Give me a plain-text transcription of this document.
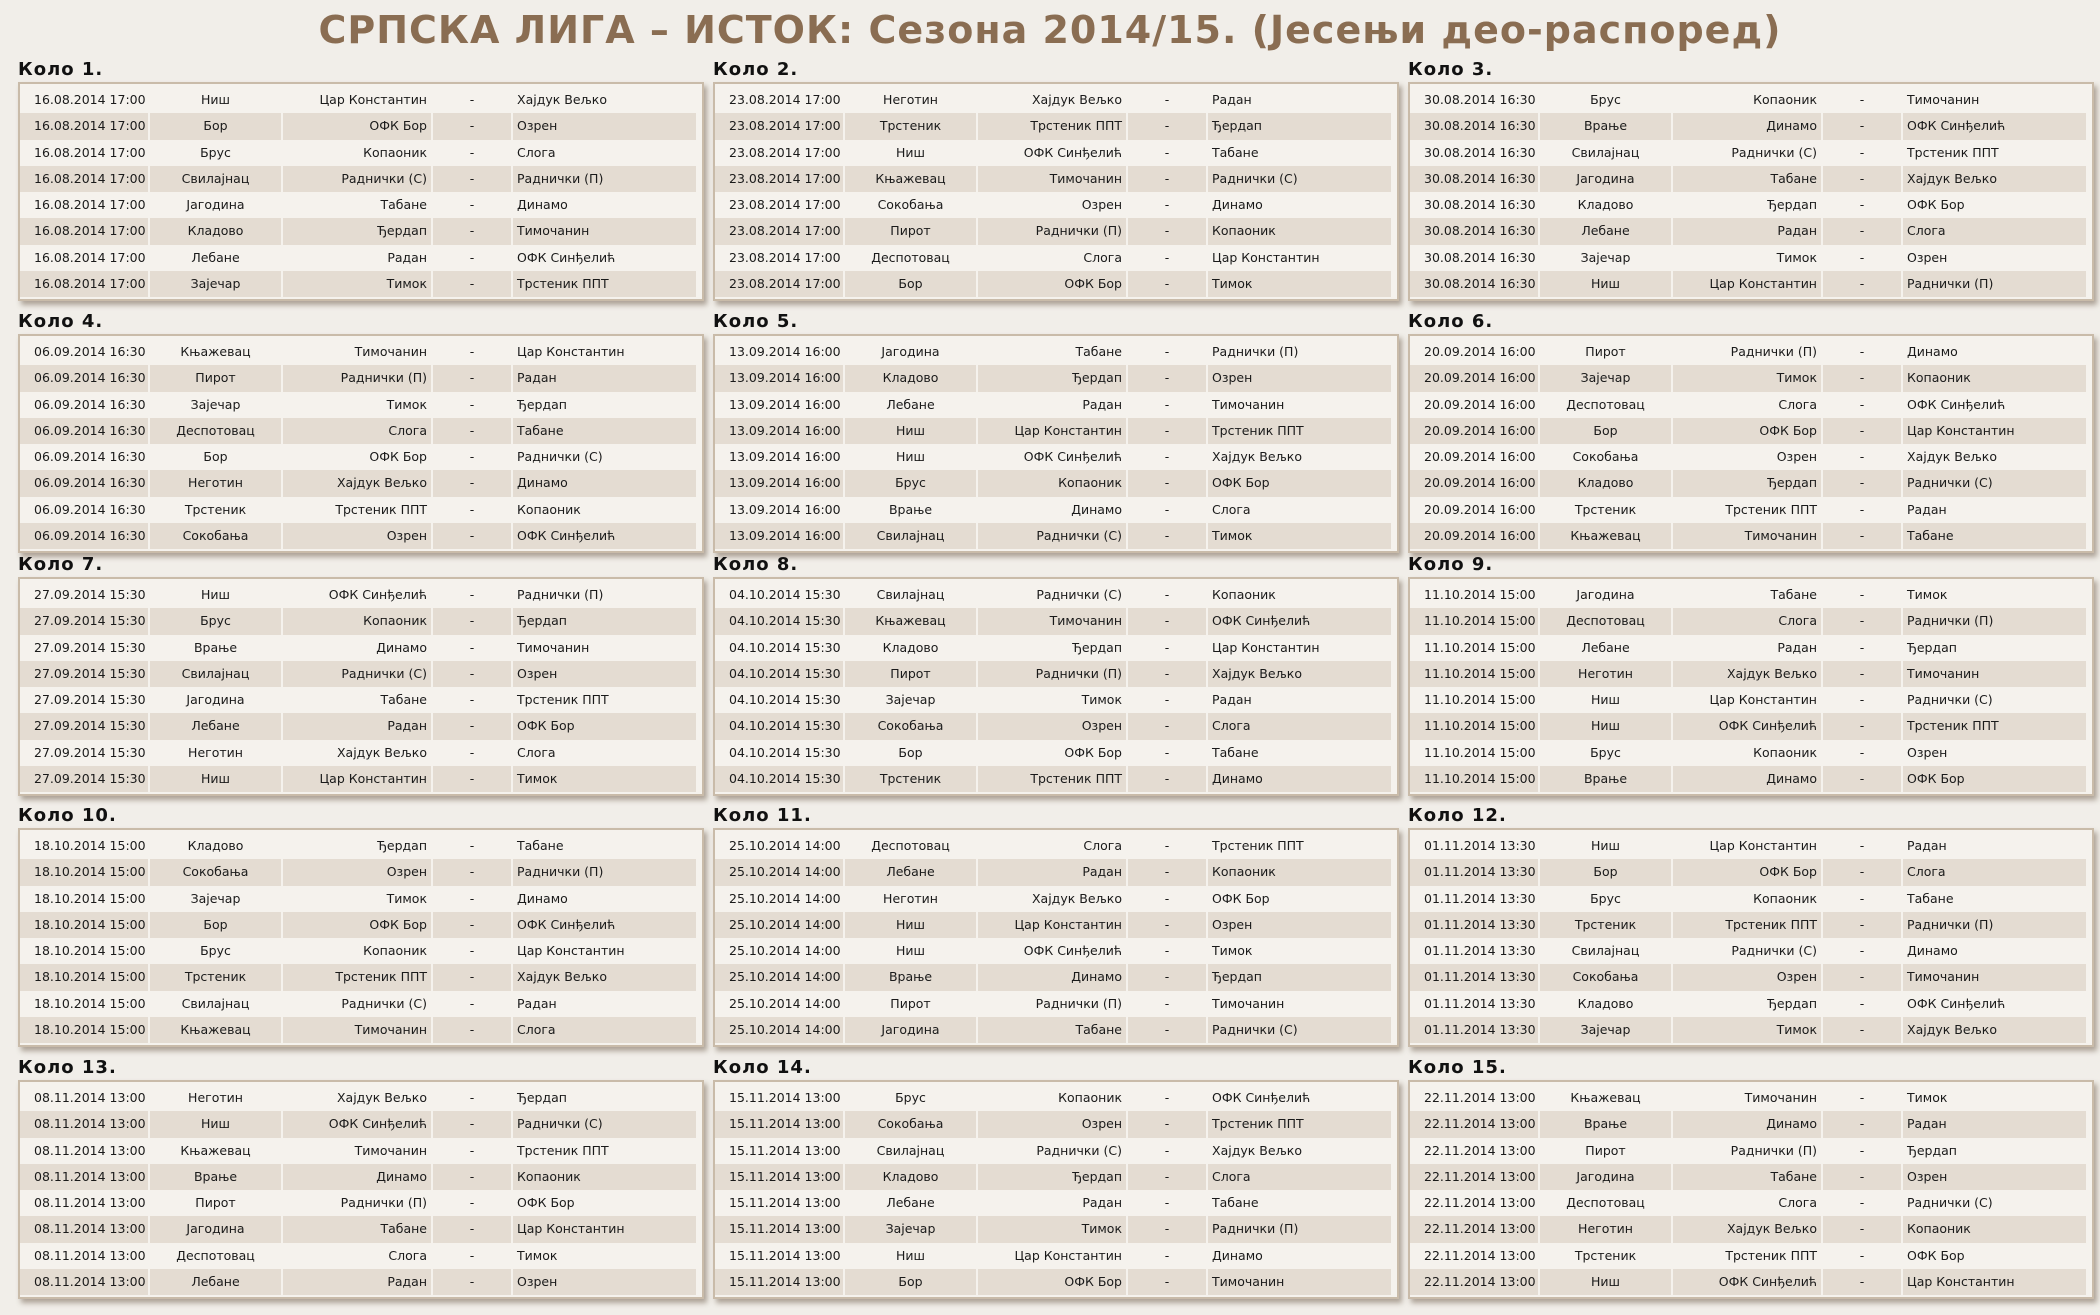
СРПСКА ЛИГА – ИСТОК: Сезона 2014/15. (Јесењи део-распоред)
Коло 1.
16.08.2014 17:00	Ниш	Цар Константин	-	Хајдук Вељко
16.08.2014 17:00	Бор	ОФК Бор	-	Озрен
16.08.2014 17:00	Брус	Копаоник	-	Слога
16.08.2014 17:00	Свилајнац	Раднички (С)	-	Раднички (П)
16.08.2014 17:00	Јагодина	Табане	-	Динамо
16.08.2014 17:00	Кладово	Ђердап	-	Тимочанин
16.08.2014 17:00	Лебане	Радан	-	ОФК Синђелић
16.08.2014 17:00	Зајечар	Тимок	-	Трстеник ППТ
Коло 2.
23.08.2014 17:00	Неготин	Хајдук Вељко	-	Радан
23.08.2014 17:00	Трстеник	Трстеник ППТ	-	Ђердап
23.08.2014 17:00	Ниш	ОФК Синђелић	-	Табане
23.08.2014 17:00	Књажевац	Тимочанин	-	Раднички (С)
23.08.2014 17:00	Сокобања	Озрен	-	Динамо
23.08.2014 17:00	Пирот	Раднички (П)	-	Копаоник
23.08.2014 17:00	Деспотовац	Слога	-	Цар Константин
23.08.2014 17:00	Бор	ОФК Бор	-	Тимок
Коло 3.
30.08.2014 16:30	Брус	Копаоник	-	Тимочанин
30.08.2014 16:30	Врање	Динамо	-	ОФК Синђелић
30.08.2014 16:30	Свилајнац	Раднички (С)	-	Трстеник ППТ
30.08.2014 16:30	Јагодина	Табане	-	Хајдук Вељко
30.08.2014 16:30	Кладово	Ђердап	-	ОФК Бор
30.08.2014 16:30	Лебане	Радан	-	Слога
30.08.2014 16:30	Зајечар	Тимок	-	Озрен
30.08.2014 16:30	Ниш	Цар Константин	-	Раднички (П)
Коло 4.
06.09.2014 16:30	Књажевац	Тимочанин	-	Цар Константин
06.09.2014 16:30	Пирот	Раднички (П)	-	Радан
06.09.2014 16:30	Зајечар	Тимок	-	Ђердап
06.09.2014 16:30	Деспотовац	Слога	-	Табане
06.09.2014 16:30	Бор	ОФК Бор	-	Раднички (С)
06.09.2014 16:30	Неготин	Хајдук Вељко	-	Динамо
06.09.2014 16:30	Трстеник	Трстеник ППТ	-	Копаоник
06.09.2014 16:30	Сокобања	Озрен	-	ОФК Синђелић
Коло 5.
13.09.2014 16:00	Јагодина	Табане	-	Раднички (П)
13.09.2014 16:00	Кладово	Ђердап	-	Озрен
13.09.2014 16:00	Лебане	Радан	-	Тимочанин
13.09.2014 16:00	Ниш	Цар Константин	-	Трстеник ППТ
13.09.2014 16:00	Ниш	ОФК Синђелић	-	Хајдук Вељко
13.09.2014 16:00	Брус	Копаоник	-	ОФК Бор
13.09.2014 16:00	Врање	Динамо	-	Слога
13.09.2014 16:00	Свилајнац	Раднички (С)	-	Тимок
Коло 6.
20.09.2014 16:00	Пирот	Раднички (П)	-	Динамо
20.09.2014 16:00	Зајечар	Тимок	-	Копаоник
20.09.2014 16:00	Деспотовац	Слога	-	ОФК Синђелић
20.09.2014 16:00	Бор	ОФК Бор	-	Цар Константин
20.09.2014 16:00	Сокобања	Озрен	-	Хајдук Вељко
20.09.2014 16:00	Кладово	Ђердап	-	Раднички (С)
20.09.2014 16:00	Трстеник	Трстеник ППТ	-	Радан
20.09.2014 16:00	Књажевац	Тимочанин	-	Табане
Коло 7.
27.09.2014 15:30	Ниш	ОФК Синђелић	-	Раднички (П)
27.09.2014 15:30	Брус	Копаоник	-	Ђердап
27.09.2014 15:30	Врање	Динамо	-	Тимочанин
27.09.2014 15:30	Свилајнац	Раднички (С)	-	Озрен
27.09.2014 15:30	Јагодина	Табане	-	Трстеник ППТ
27.09.2014 15:30	Лебане	Радан	-	ОФК Бор
27.09.2014 15:30	Неготин	Хајдук Вељко	-	Слога
27.09.2014 15:30	Ниш	Цар Константин	-	Тимок
Коло 8.
04.10.2014 15:30	Свилајнац	Раднички (С)	-	Копаоник
04.10.2014 15:30	Књажевац	Тимочанин	-	ОФК Синђелић
04.10.2014 15:30	Кладово	Ђердап	-	Цар Константин
04.10.2014 15:30	Пирот	Раднички (П)	-	Хајдук Вељко
04.10.2014 15:30	Зајечар	Тимок	-	Радан
04.10.2014 15:30	Сокобања	Озрен	-	Слога
04.10.2014 15:30	Бор	ОФК Бор	-	Табане
04.10.2014 15:30	Трстеник	Трстеник ППТ	-	Динамо
Коло 9.
11.10.2014 15:00	Јагодина	Табане	-	Тимок
11.10.2014 15:00	Деспотовац	Слога	-	Раднички (П)
11.10.2014 15:00	Лебане	Радан	-	Ђердап
11.10.2014 15:00	Неготин	Хајдук Вељко	-	Тимочанин
11.10.2014 15:00	Ниш	Цар Константин	-	Раднички (С)
11.10.2014 15:00	Ниш	ОФК Синђелић	-	Трстеник ППТ
11.10.2014 15:00	Брус	Копаоник	-	Озрен
11.10.2014 15:00	Врање	Динамо	-	ОФК Бор
Коло 10.
18.10.2014 15:00	Кладово	Ђердап	-	Табане
18.10.2014 15:00	Сокобања	Озрен	-	Раднички (П)
18.10.2014 15:00	Зајечар	Тимок	-	Динамо
18.10.2014 15:00	Бор	ОФК Бор	-	ОФК Синђелић
18.10.2014 15:00	Брус	Копаоник	-	Цар Константин
18.10.2014 15:00	Трстеник	Трстеник ППТ	-	Хајдук Вељко
18.10.2014 15:00	Свилајнац	Раднички (С)	-	Радан
18.10.2014 15:00	Књажевац	Тимочанин	-	Слога
Коло 11.
25.10.2014 14:00	Деспотовац	Слога	-	Трстеник ППТ
25.10.2014 14:00	Лебане	Радан	-	Копаоник
25.10.2014 14:00	Неготин	Хајдук Вељко	-	ОФК Бор
25.10.2014 14:00	Ниш	Цар Константин	-	Озрен
25.10.2014 14:00	Ниш	ОФК Синђелић	-	Тимок
25.10.2014 14:00	Врање	Динамо	-	Ђердап
25.10.2014 14:00	Пирот	Раднички (П)	-	Тимочанин
25.10.2014 14:00	Јагодина	Табане	-	Раднички (С)
Коло 12.
01.11.2014 13:30	Ниш	Цар Константин	-	Радан
01.11.2014 13:30	Бор	ОФК Бор	-	Слога
01.11.2014 13:30	Брус	Копаоник	-	Табане
01.11.2014 13:30	Трстеник	Трстеник ППТ	-	Раднички (П)
01.11.2014 13:30	Свилајнац	Раднички (С)	-	Динамо
01.11.2014 13:30	Сокобања	Озрен	-	Тимочанин
01.11.2014 13:30	Кладово	Ђердап	-	ОФК Синђелић
01.11.2014 13:30	Зајечар	Тимок	-	Хајдук Вељко
Коло 13.
08.11.2014 13:00	Неготин	Хајдук Вељко	-	Ђердап
08.11.2014 13:00	Ниш	ОФК Синђелић	-	Раднички (С)
08.11.2014 13:00	Књажевац	Тимочанин	-	Трстеник ППТ
08.11.2014 13:00	Врање	Динамо	-	Копаоник
08.11.2014 13:00	Пирот	Раднички (П)	-	ОФК Бор
08.11.2014 13:00	Јагодина	Табане	-	Цар Константин
08.11.2014 13:00	Деспотовац	Слога	-	Тимок
08.11.2014 13:00	Лебане	Радан	-	Озрен
Коло 14.
15.11.2014 13:00	Брус	Копаоник	-	ОФК Синђелић
15.11.2014 13:00	Сокобања	Озрен	-	Трстеник ППТ
15.11.2014 13:00	Свилајнац	Раднички (С)	-	Хајдук Вељко
15.11.2014 13:00	Кладово	Ђердап	-	Слога
15.11.2014 13:00	Лебане	Радан	-	Табане
15.11.2014 13:00	Зајечар	Тимок	-	Раднички (П)
15.11.2014 13:00	Ниш	Цар Константин	-	Динамо
15.11.2014 13:00	Бор	ОФК Бор	-	Тимочанин
Коло 15.
22.11.2014 13:00	Књажевац	Тимочанин	-	Тимок
22.11.2014 13:00	Врање	Динамо	-	Радан
22.11.2014 13:00	Пирот	Раднички (П)	-	Ђердап
22.11.2014 13:00	Јагодина	Табане	-	Озрен
22.11.2014 13:00	Деспотовац	Слога	-	Раднички (С)
22.11.2014 13:00	Неготин	Хајдук Вељко	-	Копаоник
22.11.2014 13:00	Трстеник	Трстеник ППТ	-	ОФК Бор
22.11.2014 13:00	Ниш	ОФК Синђелић	-	Цар Константин
